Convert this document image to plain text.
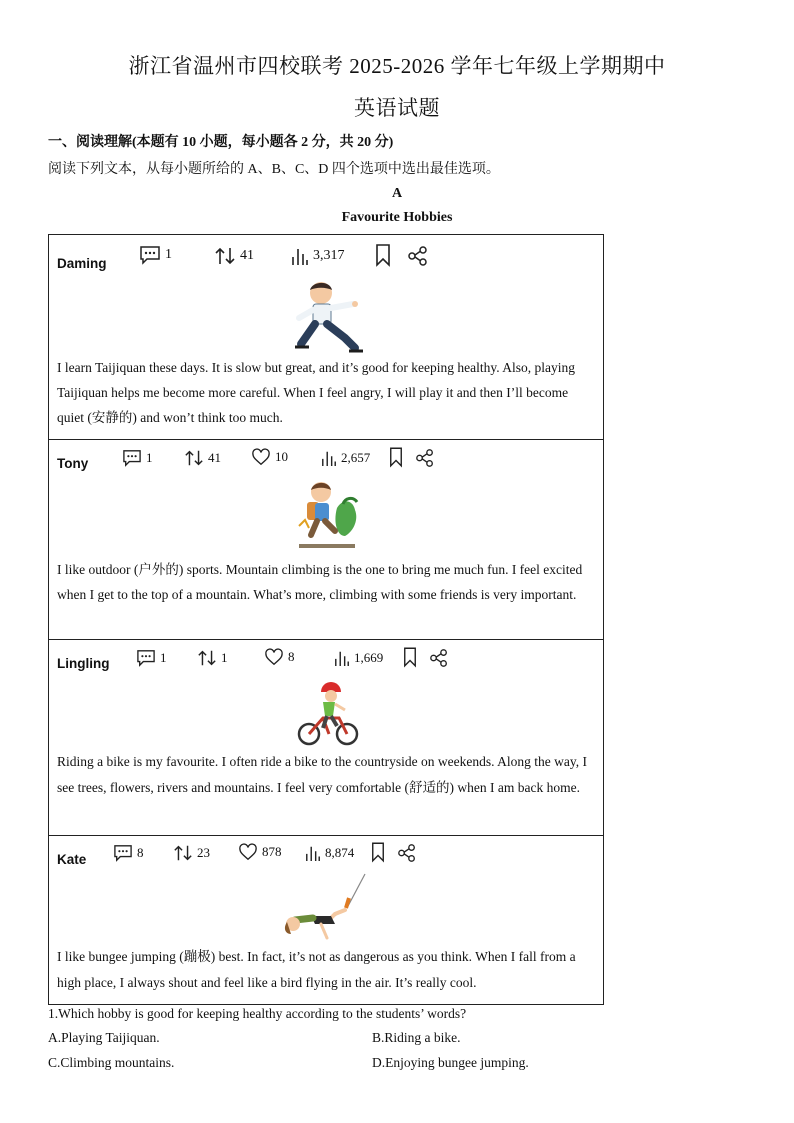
浙江省温州市四校联考 2025-2026 学年七年级上学期期中
英语试题
一、阅读理解(本题有 10 小题，每小题各 2 分，共 20 分)
阅读下列文本，从每小题所给的 A、B、C、D 四个选项中选出最佳选项。
A
Favourite Hobbies
Daming
1	41	3,317
I learn Taijiquan these days. It is slow but great, and it’s good for keeping healthy. Also, playing Taijiquan helps me become more careful. When I feel angry, I will play it and then I’ll become quiet (安静的) and won’t think too much.
Tony	1	41	10	2,657
I like outdoor (户外的) sports. Mountain climbing is the one to bring me much fun. I feel excited when I get to the top of a mountain. What’s more, climbing with some friends is very important.
Lingling	1	1	8	1,669
Riding a bike is my favourite. I often ride a bike to the countryside on weekends. Along the way, I see trees, flowers, rivers and mountains. I feel very comfortable (舒适的) when I am back home.
Kate	8	23	878	8,874
I like bungee jumping (蹦极) best. In fact, it’s not as dangerous as you think. When I fall from a high place, I always shout and feel like a bird flying in the air. It’s really cool.
1.Which hobby is good for keeping healthy according to the students’ words?
A.Playing Taijiquan.	B.Riding a bike.
C.Climbing mountains.	D.Enjoying bungee jumping.
